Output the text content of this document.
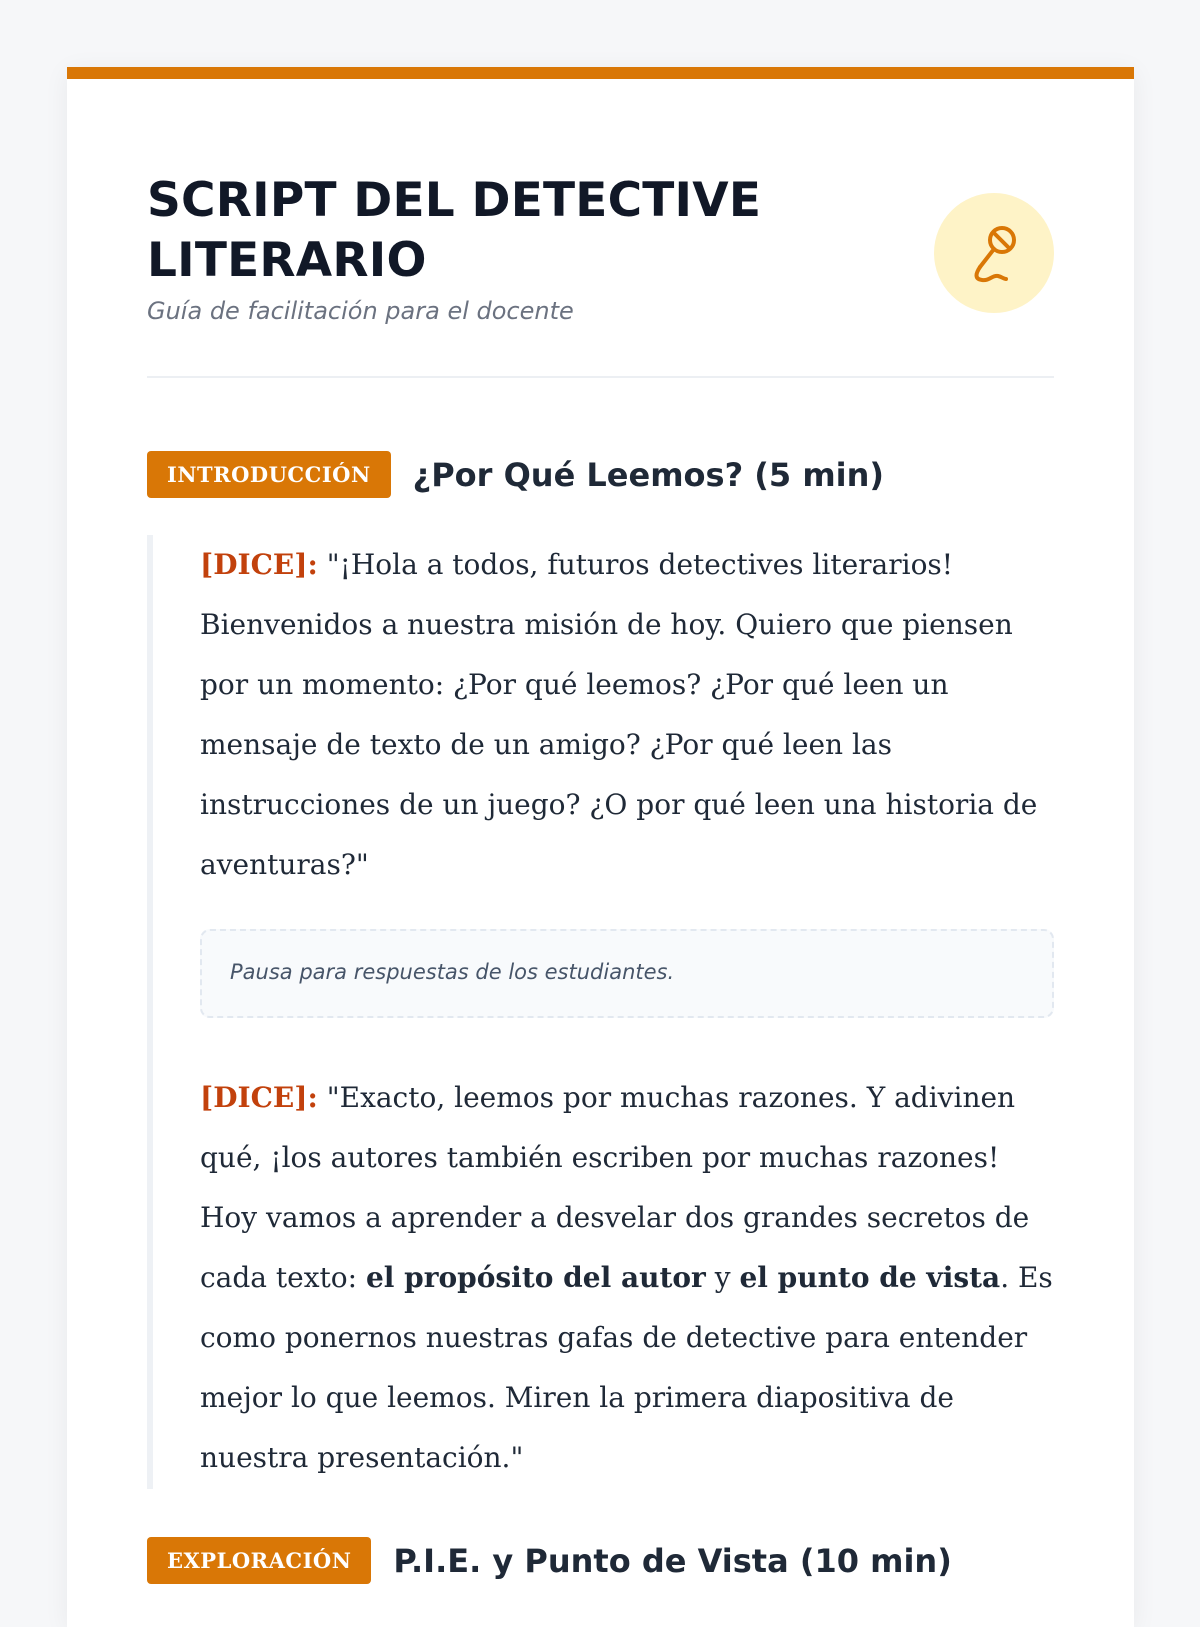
SCRIPT DEL DETECTIVE LITERARIO
Guía de facilitación para el docente
INTRODUCCIÓN	¿Por Qué Leemos? (5 min)

[DICE]: "¡Hola a todos, futuros detectives literarios! Bienvenidos a nuestra misión de hoy. Quiero que piensen por un momento: ¿Por qué leemos? ¿Por qué leen un mensaje de texto de un amigo? ¿Por qué leen las instrucciones de un juego? ¿O por qué leen una historia de aventuras?"

Pausa para respuestas de los estudiantes.

[DICE]: "Exacto, leemos por muchas razones. Y adivinen qué, ¡los autores también escriben por muchas razones! Hoy vamos a aprender a desvelar dos grandes secretos de cada texto: el propósito del autor y el punto de vista. Es como ponernos nuestras gafas de detective para entender mejor lo que leemos. Miren la primera diapositiva de nuestra presentación."

EXPLORACIÓN	P.I.E. y Punto de Vista (10 min)
